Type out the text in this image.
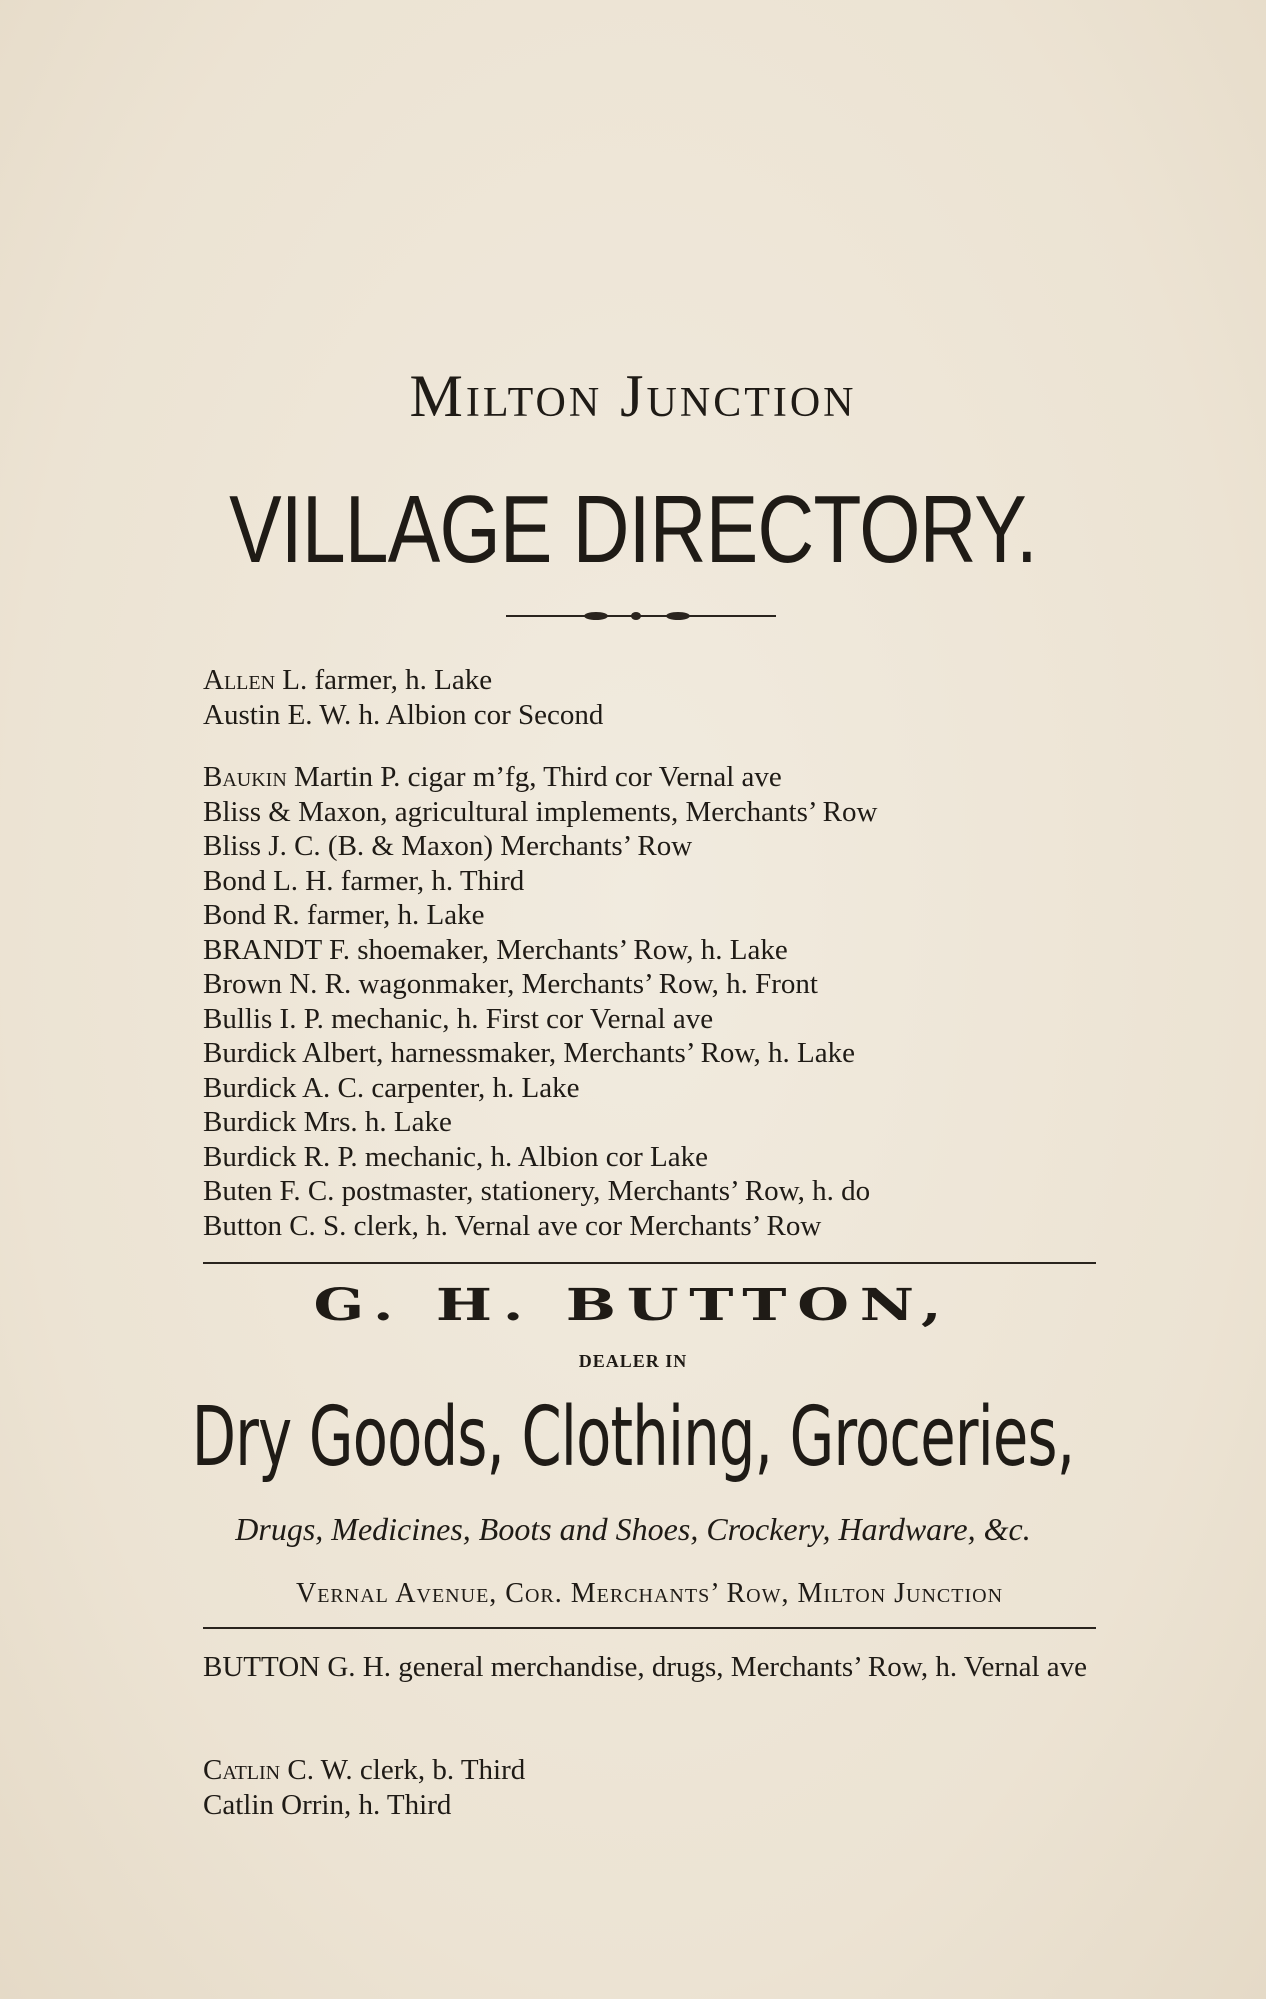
Milton Junction
VILLAGE DIRECTORY.
Allen L. farmer, h. Lake
Austin E. W. h. Albion cor Second
Baukin Martin P. cigar m’fg, Third cor Vernal ave
Bliss & Maxon, agricultural implements, Merchants’ Row
Bliss J. C. (B. & Maxon) Merchants’ Row
Bond L. H. farmer, h. Third
Bond R. farmer, h. Lake
BRANDT F. shoemaker, Merchants’ Row, h. Lake
Brown N. R. wagonmaker, Merchants’ Row, h. Front
Bullis I. P. mechanic, h. First cor Vernal ave
Burdick Albert, harnessmaker, Merchants’ Row, h. Lake
Burdick A. C. carpenter, h. Lake
Burdick Mrs. h. Lake
Burdick R. P. mechanic, h. Albion cor Lake
Buten F. C. postmaster, stationery, Merchants’ Row, h. do
Button C. S. clerk, h. Vernal ave cor Merchants’ Row
G. H. BUTTON,
DEALER IN
Dry Goods, Clothing, Groceries,
Drugs, Medicines, Boots and Shoes, Crockery, Hardware, &c.
Vernal Avenue, Cor. Merchants’ Row, Milton Junction
BUTTON G. H. general merchandise, drugs, Merchants’ Row, h. Vernal ave
Catlin C. W. clerk, b. Third
Catlin Orrin, h. Third
